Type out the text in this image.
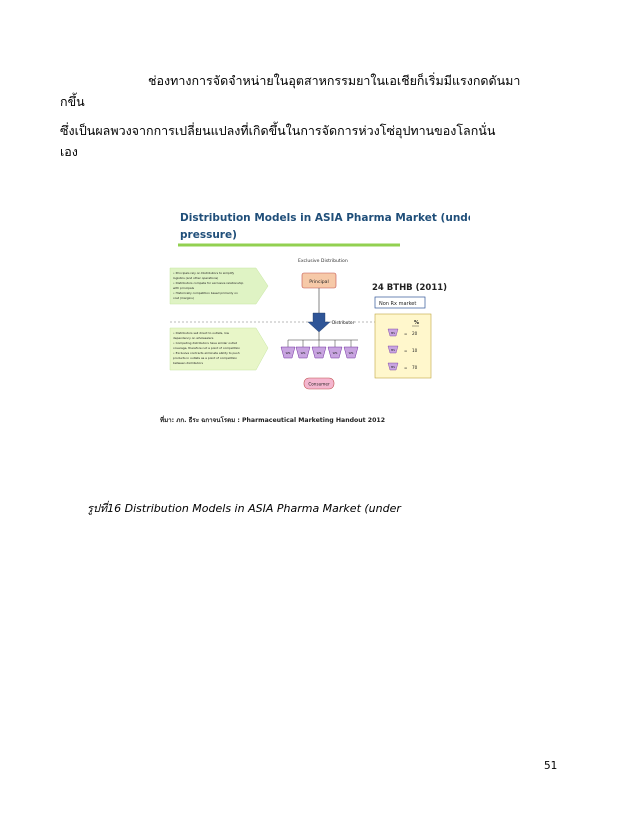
ช่องทางการจัดจำหน่ายในอุตสาหกรรมยาในเอเชียก็เริ่มมีแรงกดดันมา
กขึ้น
ซึ่งเป็นผลพวงจากการเปลี่ยนแปลงที่เกิดขึ้นในการจัดการห่วงโซ่อุปทานของโลกนั่น
เอง
Distribution Models in ASIA Pharma Market (under
pressure)
Exclusive Distribution
• Principals rely on Distributors to simplify
logistics (and other operations)
• Distributors compete for exclusive relationship
with principals
• Historically competition based primarily on
cost (margins)
• Distributors sell direct to outlets, low
dependency on wholesalers
• Competing distributors have similar outlet
coverage, therefore not a point of competition
• Exclusive contracts eliminate ability to push
products in outlets as a point of competition
between distributors
Principal
Distributor
WS	WS	WS	WS	WS
Consumer
24 BTHB (2011)
Non Rx market
%
MS = 20
MS = 10
MS = 70
ที่มา: ภก. ธีระ ฉกาจนโรดม : Pharmaceutical Marketing Handout 2012
รูปที่16 Distribution Models in ASIA Pharma Market (under
51
